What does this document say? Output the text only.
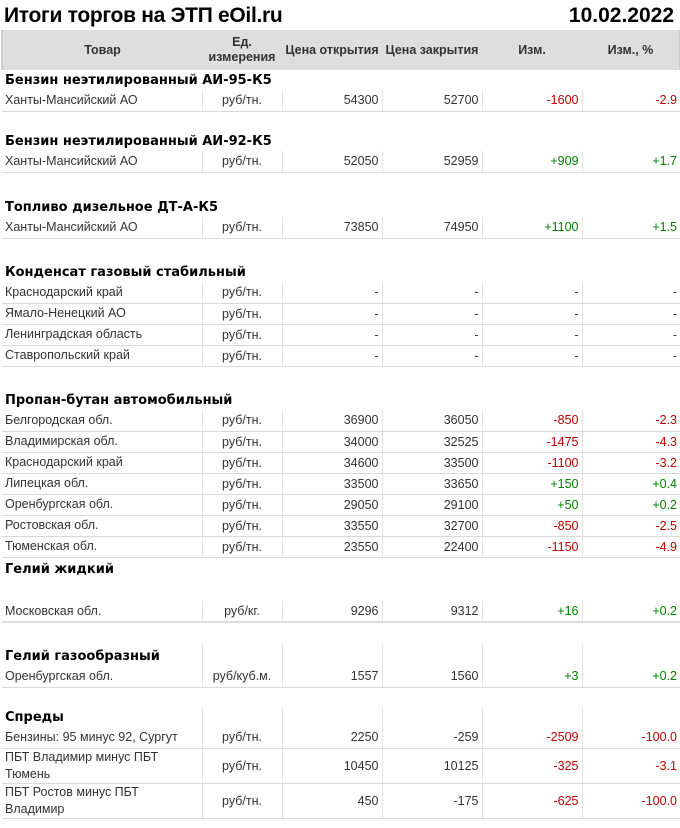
Итоги торгов на ЭТП eOil.ru	10.02.2022
Товар	Ед. измерения	Цена открытия	Цена закрытия	Изм.	Изм., %
Бензин неэтилированный АИ-95-К5					
Ханты-Мансийский АО	руб/тн.	54300	52700	-1600	-2.9

Бензин неэтилированный АИ-92-К5					
Ханты-Мансийский АО	руб/тн.	52050	52959	+909	+1.7

Топливо дизельное ДТ-А-К5					
Ханты-Мансийский АО	руб/тн.	73850	74950	+1100	+1.5

Конденсат газовый стабильный					
Краснодарский край	руб/тн.	-	-	-	-
Ямало-Ненецкий АО	руб/тн.	-	-	-	-
Ленинградская область	руб/тн.	-	-	-	-
Ставропольский край	руб/тн.	-	-	-	-

Пропан-бутан автомобильный					
Белгородская обл.	руб/тн.	36900	36050	-850	-2.3
Владимирская обл.	руб/тн.	34000	32525	-1475	-4.3
Краснодарский край	руб/тн.	34600	33500	-1100	-3.2
Липецкая обл.	руб/тн.	33500	33650	+150	+0.4
Оренбургская обл.	руб/тн.	29050	29100	+50	+0.2
Ростовская обл.	руб/тн.	33550	32700	-850	-2.5
Тюменская обл.	руб/тн.	23550	22400	-1150	-4.9
Гелий жидкий					

Московская обл.	руб/кг.	9296	9312	+16	+0.2

Гелий газообразный					
Оренбургская обл.	руб/куб.м.	1557	1560	+3	+0.2

Спреды					
Бензины: 95 минус 92, Сургут	руб/тн.	2250	-259	-2509	-100.0
ПБТ Владимир минус ПБТ Тюмень	руб/тн.	10450	10125	-325	-3.1
ПБТ Ростов минус ПБТ Владимир	руб/тн.	450	-175	-625	-100.0
